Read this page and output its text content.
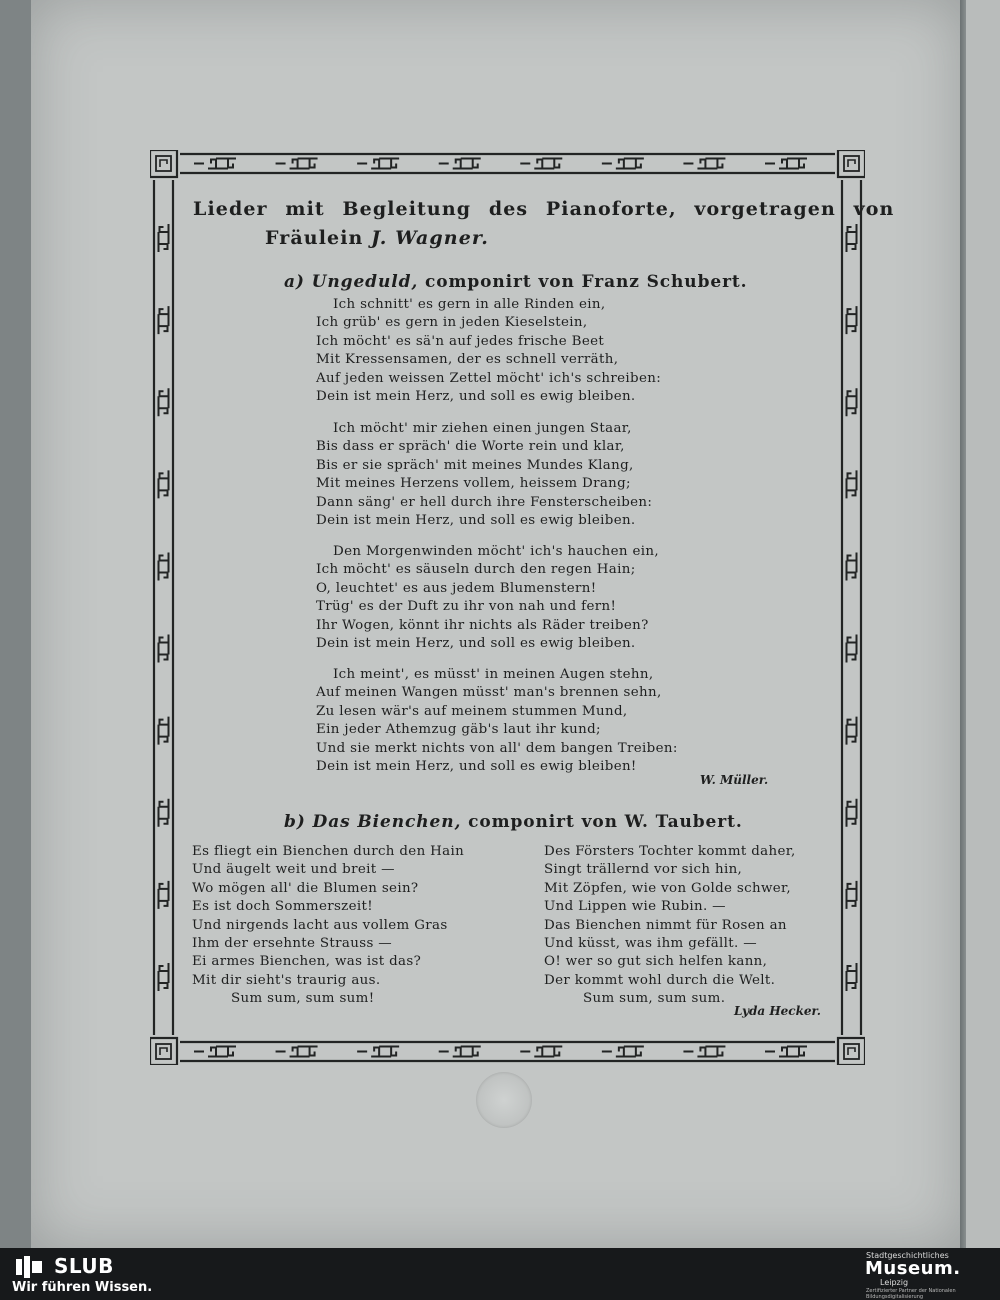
Lieder mit Begleitung des Pianoforte, vorgetragen von
Fräulein J. Wagner.
a) Ungeduld, componirt von Franz Schubert.
Ich schnitt' es gern in alle Rinden ein,
Ich grüb' es gern in jeden Kieselstein,
Ich möcht' es sä'n auf jedes frische Beet
Mit Kressensamen, der es schnell verräth,
Auf jeden weissen Zettel möcht' ich's schreiben:
Dein ist mein Herz, und soll es ewig bleiben.
Ich möcht' mir ziehen einen jungen Staar,
Bis dass er spräch' die Worte rein und klar,
Bis er sie spräch' mit meines Mundes Klang,
Mit meines Herzens vollem, heissem Drang;
Dann säng' er hell durch ihre Fensterscheiben:
Dein ist mein Herz, und soll es ewig bleiben.
Den Morgenwinden möcht' ich's hauchen ein,
Ich möcht' es säuseln durch den regen Hain;
O, leuchtet' es aus jedem Blumenstern!
Trüg' es der Duft zu ihr von nah und fern!
Ihr Wogen, könnt ihr nichts als Räder treiben?
Dein ist mein Herz, und soll es ewig bleiben.
Ich meint', es müsst' in meinen Augen stehn,
Auf meinen Wangen müsst' man's brennen sehn,
Zu lesen wär's auf meinem stummen Mund,
Ein jeder Athemzug gäb's laut ihr kund;
Und sie merkt nichts von all' dem bangen Treiben:
Dein ist mein Herz, und soll es ewig bleiben!
W. Müller.
b) Das Bienchen, componirt von W. Taubert.
Es fliegt ein Bienchen durch den Hain
Und äugelt weit und breit —
Wo mögen all' die Blumen sein?
Es ist doch Sommerszeit!
Und nirgends lacht aus vollem Gras
Ihm der ersehnte Strauss —
Ei armes Bienchen, was ist das?
Mit dir sieht's traurig aus.
Sum sum, sum sum!
Des Försters Tochter kommt daher,
Singt trällernd vor sich hin,
Mit Zöpfen, wie von Golde schwer,
Und Lippen wie Rubin. —
Das Bienchen nimmt für Rosen an
Und küsst, was ihm gefällt. —
O! wer so gut sich helfen kann,
Der kommt wohl durch die Welt.
Sum sum, sum sum.
Lyda Hecker.
SLUB
Wir führen Wissen.
Stadtgeschichtliches
Museum.
Leipzig
Zertifizierter Partner der Nationalen Bildungsdigitalisierung
